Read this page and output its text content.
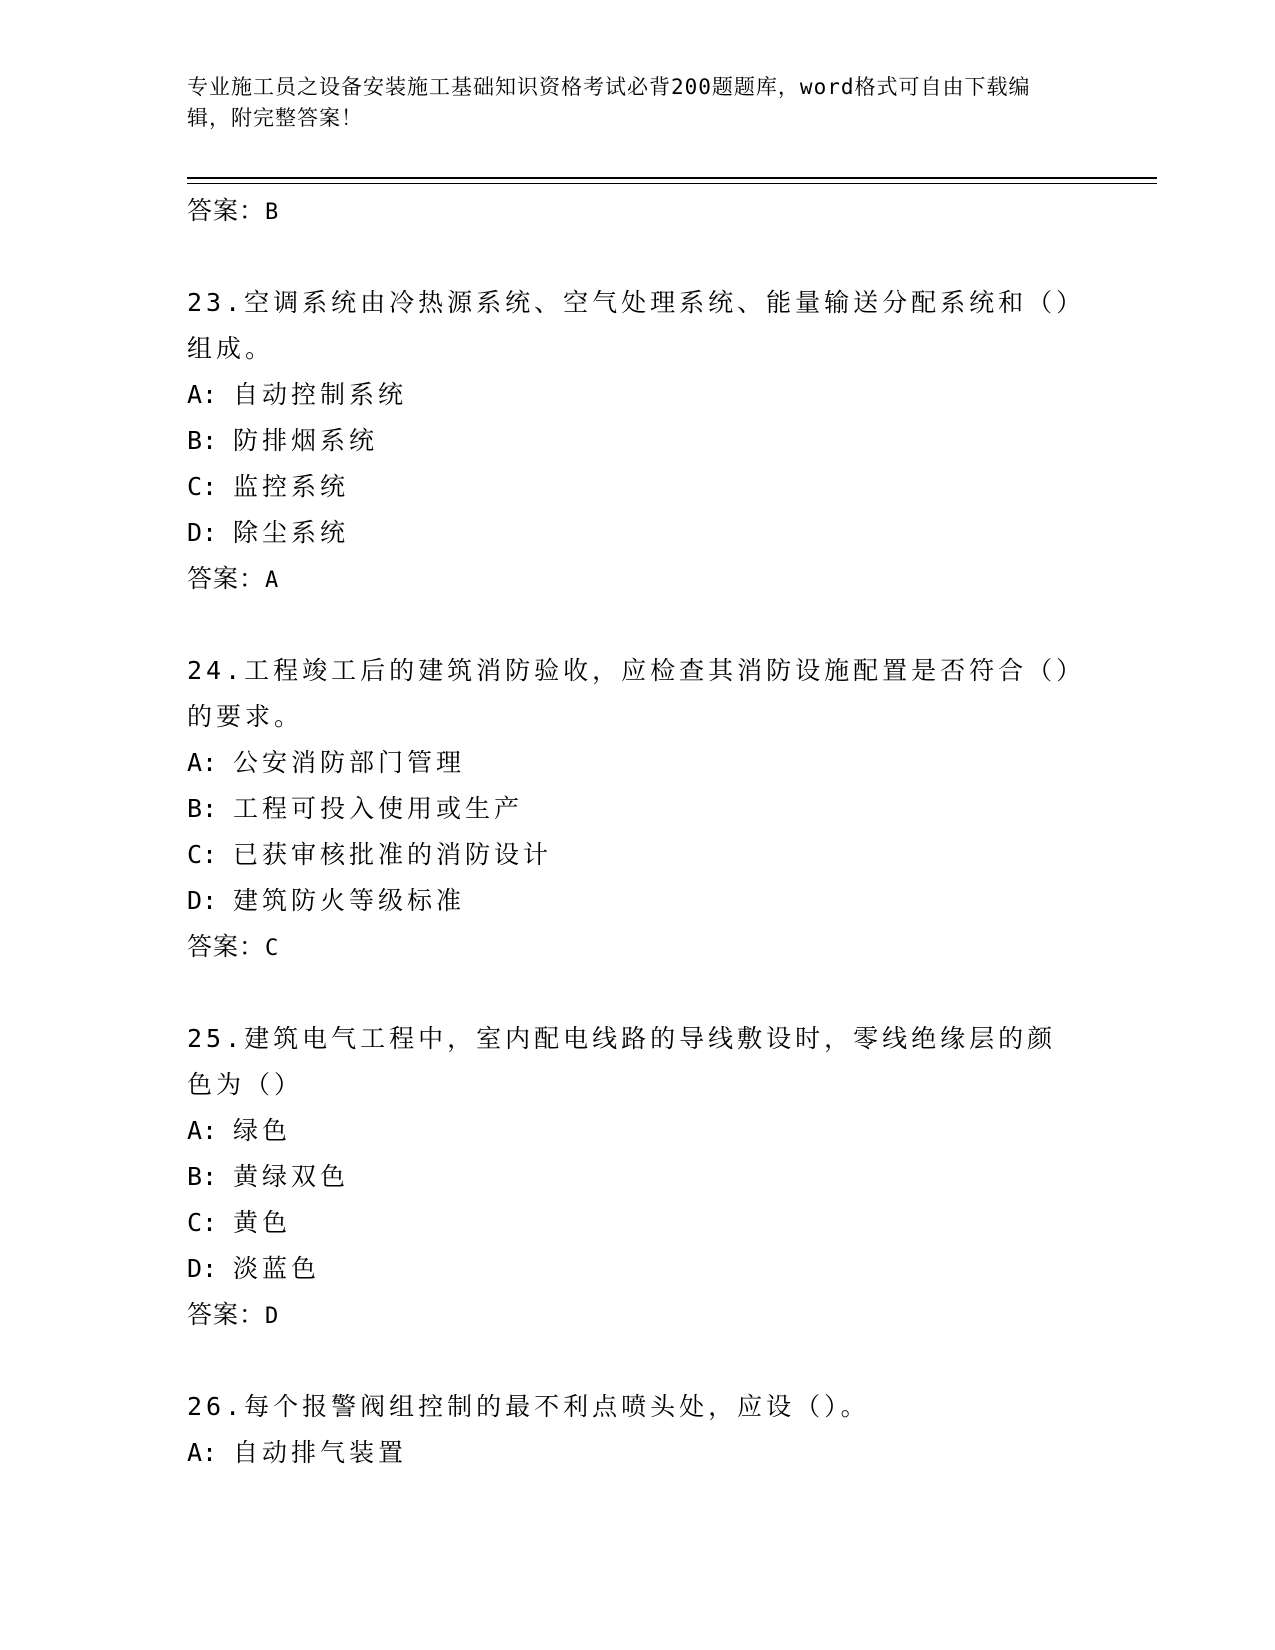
专业施工员之设备安装施工基础知识资格考试必背200题题库，word格式可自由下载编辑，附完整答案！
答案：B
23.空调系统由冷热源系统、空气处理系统、能量输送分配系统和（）组成。
A: 自动控制系统
B: 防排烟系统
C: 监控系统
D: 除尘系统
答案：A
24.工程竣工后的建筑消防验收，应检查其消防设施配置是否符合（）的要求。
A: 公安消防部门管理
B: 工程可投入使用或生产
C: 已获审核批准的消防设计
D: 建筑防火等级标准
答案：C
25.建筑电气工程中，室内配电线路的导线敷设时，零线绝缘层的颜色为（）
A: 绿色
B: 黄绿双色
C: 黄色
D: 淡蓝色
答案：D
26.每个报警阀组控制的最不利点喷头处，应设（）。
A: 自动排气装置
